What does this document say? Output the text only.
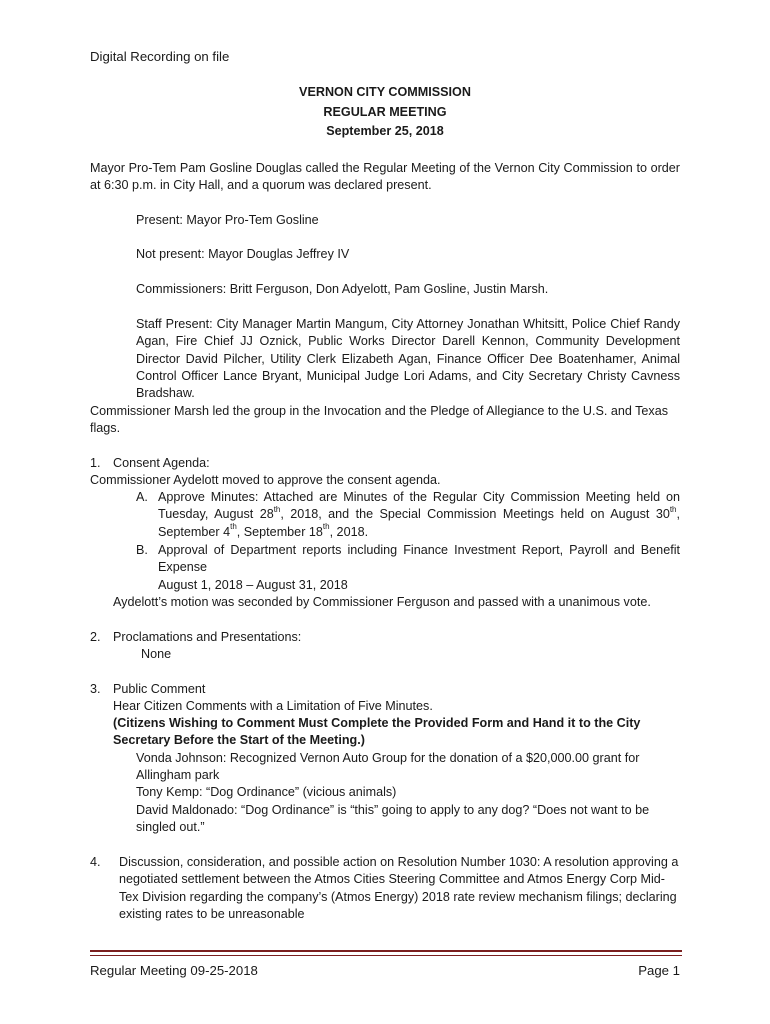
Digital Recording on file
VERNON CITY COMMISSION
REGULAR MEETING
September 25, 2018
Mayor Pro-Tem Pam Gosline Douglas called the Regular Meeting of the Vernon City Commission to order at 6:30 p.m. in City Hall, and a quorum was declared present.
Present: Mayor Pro-Tem Gosline
Not present: Mayor Douglas Jeffrey IV
Commissioners: Britt Ferguson, Don Adyelott, Pam Gosline, Justin Marsh.
Staff Present: City Manager Martin Mangum, City Attorney Jonathan Whitsitt, Police Chief Randy Agan, Fire Chief JJ Oznick, Public Works Director Darell Kennon, Community Development Director David Pilcher, Utility Clerk Elizabeth Agan, Finance Officer Dee Boatenhamer, Animal Control Officer Lance Bryant, Municipal Judge Lori Adams, and City Secretary Christy Cavness Bradshaw.
Commissioner Marsh led the group in the Invocation and the Pledge of Allegiance to the U.S. and Texas flags.
1. Consent Agenda:
Commissioner Aydelott moved to approve the consent agenda.
A. Approve Minutes: Attached are Minutes of the Regular City Commission Meeting held on Tuesday, August 28th, 2018, and the Special Commission Meetings held on August 30th, September 4th, September 18th, 2018.
B. Approval of Department reports including Finance Investment Report, Payroll and Benefit Expense
August 1, 2018 – August 31, 2018
Aydelott’s motion was seconded by Commissioner Ferguson and passed with a unanimous vote.
2. Proclamations and Presentations:
None
3. Public Comment
Hear Citizen Comments with a Limitation of Five Minutes.
(Citizens Wishing to Comment Must Complete the Provided Form and Hand it to the City Secretary Before the Start of the Meeting.)
Vonda Johnson: Recognized Vernon Auto Group for the donation of a $20,000.00 grant for Allingham park
Tony Kemp: “Dog Ordinance” (vicious animals)
David Maldonado: “Dog Ordinance” is “this” going to apply to any dog? “Does not want to be singled out.”
4. Discussion, consideration, and possible action on Resolution Number 1030: A resolution approving a negotiated settlement between the Atmos Cities Steering Committee and Atmos Energy Corp Mid-Tex Division regarding the company’s (Atmos Energy) 2018 rate review mechanism filings; declaring existing rates to be unreasonable
Regular Meeting 09-25-2018	Page 1
